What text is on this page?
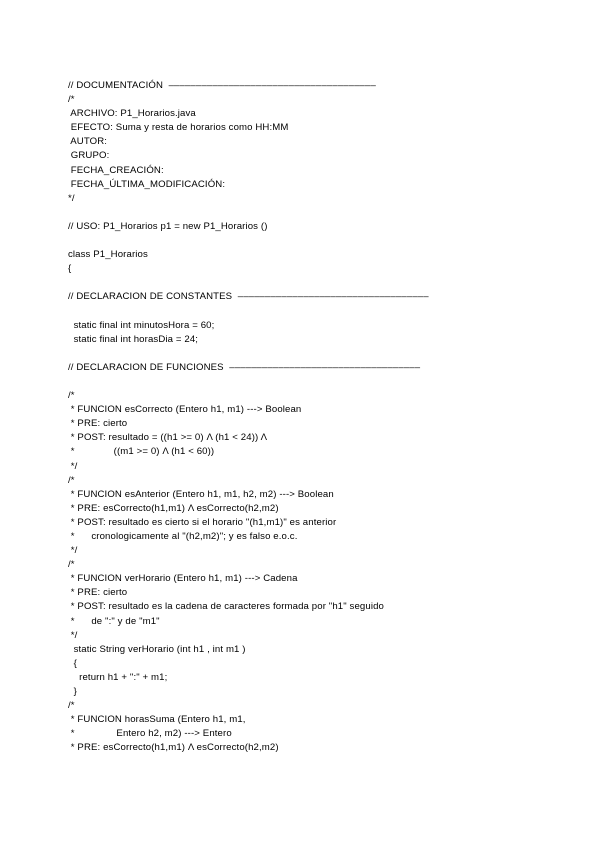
// DOCUMENTACIÓN  ––––––––––––––––––––––––––––––––––––––
/*
ARCHIVO: P1_Horarios.java
EFECTO: Suma y resta de horarios como HH:MM
AUTOR:
GRUPO:
FECHA_CREACIÓN:
FECHA_ÚLTIMA_MODIFICACIÓN:
*/

// USO: P1_Horarios p1 = new P1_Horarios ()

class P1_Horarios
{

// DECLARACION DE CONSTANTES  –––––––––––––––––––––––––––––––––––

static final int minutosHora = 60;
static final int horasDia = 24;

// DECLARACION DE FUNCIONES  –––––––––––––––––––––––––––––––––––

/*
* FUNCION esCorrecto (Entero h1, m1) ---> Boolean
* PRE: cierto
* POST: resultado = ((h1 >= 0) Λ (h1 < 24)) Λ
*              ((m1 >= 0) Λ (h1 < 60))
*/
/*
* FUNCION esAnterior (Entero h1, m1, h2, m2) ---> Boolean
* PRE: esCorrecto(h1,m1) Λ esCorrecto(h2,m2)
* POST: resultado es cierto si el horario "(h1,m1)" es anterior
*      cronologicamente al "(h2,m2)"; y es falso e.o.c.
*/
/*
* FUNCION verHorario (Entero h1, m1) ---> Cadena
* PRE: cierto
* POST: resultado es la cadena de caracteres formada por "h1" seguido
*      de ":" y de "m1"
*/
static String verHorario (int h1 , int m1 )
{
return h1 + ":" + m1;
}
/*
* FUNCION horasSuma (Entero h1, m1,
*               Entero h2, m2) ---> Entero
* PRE: esCorrecto(h1,m1) Λ esCorrecto(h2,m2)
